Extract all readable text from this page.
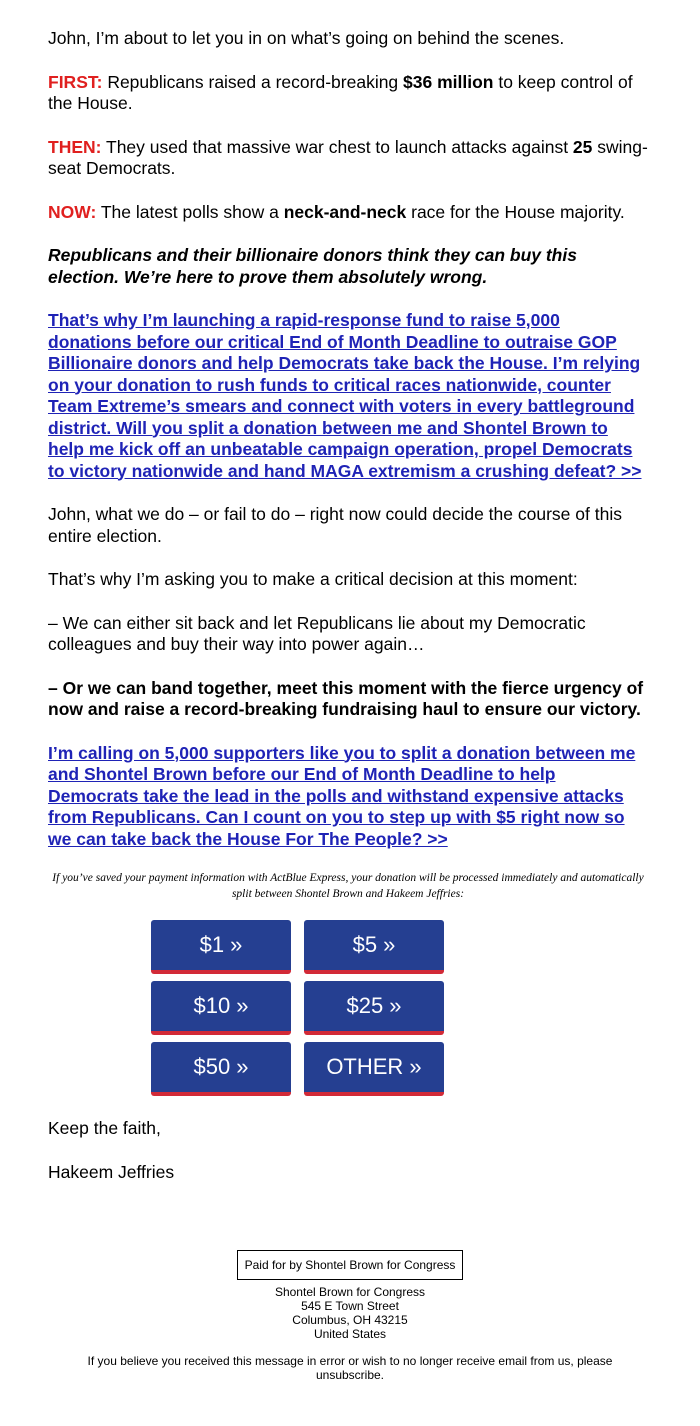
John, I’m about to let you in on what’s going on behind the scenes.

FIRST: Republicans raised a record-breaking $36 million to keep control of the House.

THEN: They used that massive war chest to launch attacks against 25 swing-seat Democrats.

NOW: The latest polls show a neck-and-neck race for the House majority.

Republicans and their billionaire donors think they can buy this election. We’re here to prove them absolutely wrong.

That’s why I’m launching a rapid-response fund to raise 5,000 donations before our critical End of Month Deadline to outraise GOP Billionaire donors and help Democrats take back the House. I’m relying on your donation to rush funds to critical races nationwide, counter Team Extreme’s smears and connect with voters in every battleground district. Will you split a donation between me and Shontel Brown to help me kick off an unbeatable campaign operation, propel Democrats to victory nationwide and hand MAGA extremism a crushing defeat? >>

John, what we do – or fail to do – right now could decide the course of this entire election.

That’s why I’m asking you to make a critical decision at this moment:

– We can either sit back and let Republicans lie about my Democratic colleagues and buy their way into power again…

– Or we can band together, meet this moment with the fierce urgency of now and raise a record-breaking fundraising haul to ensure our victory.

I’m calling on 5,000 supporters like you to split a donation between me and Shontel Brown before our End of Month Deadline to help Democrats take the lead in the polls and withstand expensive attacks from Republicans. Can I count on you to step up with $5 right now so we can take back the House For The People? >>

If you’ve saved your payment information with ActBlue Express, your donation will be processed immediately and automatically split between Shontel Brown and Hakeem Jeffries:
$1 »	$5 »
$10 »	$25 »
$50 »	OTHER »

Keep the faith,

Hakeem Jeffries

Paid for by Shontel Brown for Congress
Shontel Brown for Congress
545 E Town Street
Columbus, OH 43215
United States
If you believe you received this message in error or wish to no longer receive email from us, please unsubscribe.
